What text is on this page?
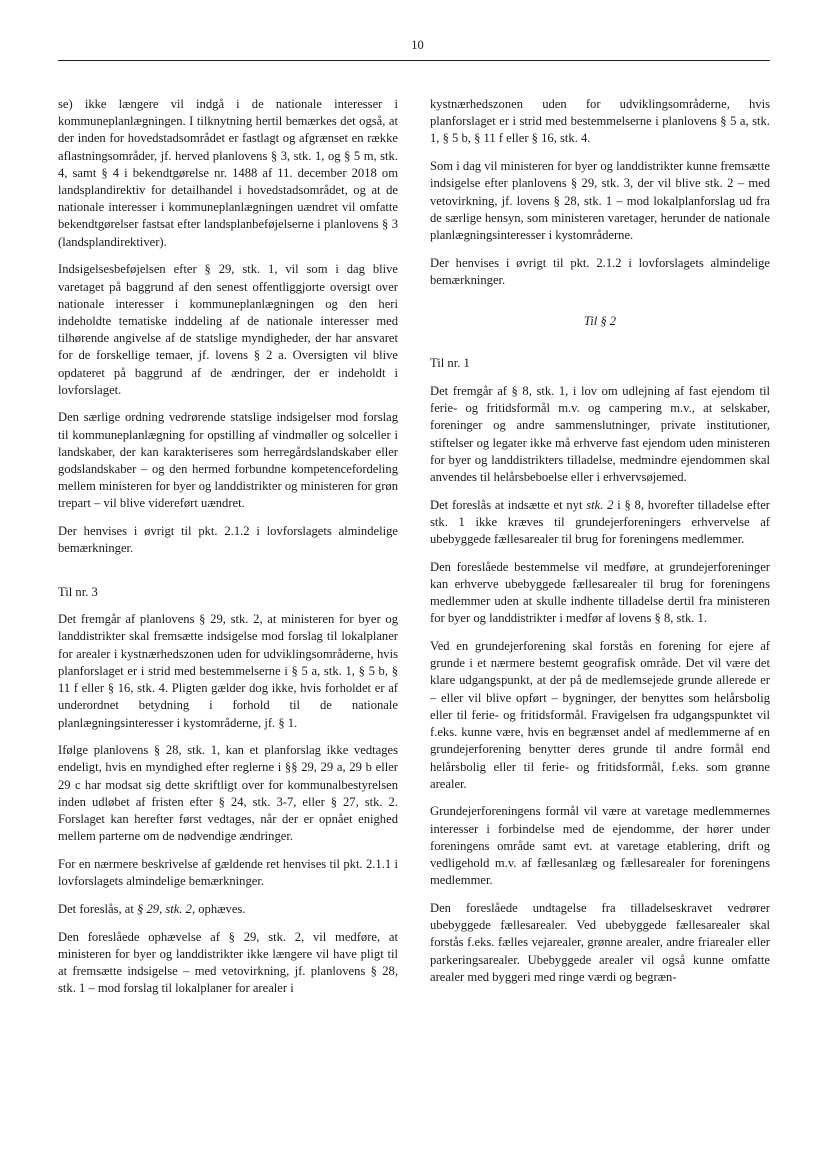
10

se) ikke længere vil indgå i de nationale interesser i kommuneplanlægningen. I tilknytning hertil bemærkes det også, at der inden for hovedstadsområdet er fastlagt og afgrænset en række aflastningsområder, jf. herved planlovens § 3, stk. 1, og § 5 m, stk. 4, samt § 4 i bekendtgørelse nr. 1488 af 11. december 2018 om landsplandirektiv for detailhandel i hovedstadsområdet, og at de nationale interesser i kommuneplanlægningen uændret vil omfatte bekendtgørelser fastsat efter landsplanbeføjelserne i planlovens § 3 (landsplandirektiver).

Indsigelsesbeføjelsen efter § 29, stk. 1, vil som i dag blive varetaget på baggrund af den senest offentliggjorte oversigt over nationale interesser i kommuneplanlægningen og den heri indeholdte tematiske inddeling af de nationale interesser med tilhørende angivelse af de statslige myndigheder, der har ansvaret for de forskellige temaer, jf. lovens § 2 a. Oversigten vil blive opdateret på baggrund af de ændringer, der er indeholdt i lovforslaget.

Den særlige ordning vedrørende statslige indsigelser mod forslag til kommuneplanlægning for opstilling af vindmøller og solceller i landskaber, der kan karakteriseres som herregårdslandskaber eller godslandskaber – og den hermed forbundne kompetencefordeling mellem ministeren for byer og landdistrikter og ministeren for grøn trepart – vil blive videreført uændret.

Der henvises i øvrigt til pkt. 2.1.2 i lovforslagets almindelige bemærkninger.

Til nr. 3

Det fremgår af planlovens § 29, stk. 2, at ministeren for byer og landdistrikter skal fremsætte indsigelse mod forslag til lokalplaner for arealer i kystnærhedszonen uden for udviklingsområderne, hvis planforslaget er i strid med bestemmelserne i § 5 a, stk. 1, § 5 b, § 11 f eller § 16, stk. 4. Pligten gælder dog ikke, hvis forholdet er af underordnet betydning i forhold til de nationale planlægningsinteresser i kystområderne, jf. § 1.

Ifølge planlovens § 28, stk. 1, kan et planforslag ikke vedtages endeligt, hvis en myndighed efter reglerne i §§ 29, 29 a, 29 b eller 29 c har modsat sig dette skriftligt over for kommunalbestyrelsen inden udløbet af fristen efter § 24, stk. 3-7, eller § 27, stk. 2. Forslaget kan herefter først vedtages, når der er opnået enighed mellem parterne om de nødvendige ændringer.

For en nærmere beskrivelse af gældende ret henvises til pkt. 2.1.1 i lovforslagets almindelige bemærkninger.

Det foreslås, at § 29, stk. 2, ophæves.

Den foreslåede ophævelse af § 29, stk. 2, vil medføre, at ministeren for byer og landdistrikter ikke længere vil have pligt til at fremsætte indsigelse – med vetovirkning, jf. planlovens § 28, stk. 1 – mod forslag til lokalplaner for arealer i

kystnærhedszonen uden for udviklingsområderne, hvis planforslaget er i strid med bestemmelserne i planlovens § 5 a, stk. 1, § 5 b, § 11 f eller § 16, stk. 4.

Som i dag vil ministeren for byer og landdistrikter kunne fremsætte indsigelse efter planlovens § 29, stk. 3, der vil blive stk. 2 – med vetovirkning, jf. lovens § 28, stk. 1 – mod lokalplanforslag ud fra de særlige hensyn, som ministeren varetager, herunder de nationale planlægningsinteresser i kystområderne.

Der henvises i øvrigt til pkt. 2.1.2 i lovforslagets almindelige bemærkninger.

Til § 2

Til nr. 1

Det fremgår af § 8, stk. 1, i lov om udlejning af fast ejendom til ferie- og fritidsformål m.v. og campering m.v., at selskaber, foreninger og andre sammenslutninger, private institutioner, stiftelser og legater ikke må erhverve fast ejendom uden ministeren for byer og landdistrikters tilladelse, medmindre ejendommen skal anvendes til helårsbeboelse eller i erhvervsøjemed.

Det foreslås at indsætte et nyt stk. 2 i § 8, hvorefter tilladelse efter stk. 1 ikke kræves til grundejerforeningers erhvervelse af ubebyggede fællesarealer til brug for foreningens medlemmer.

Den foreslåede bestemmelse vil medføre, at grundejerforeninger kan erhverve ubebyggede fællesarealer til brug for foreningens medlemmer uden at skulle indhente tilladelse dertil fra ministeren for byer og landdistrikter i medfør af lovens § 8, stk. 1.

Ved en grundejerforening skal forstås en forening for ejere af grunde i et nærmere bestemt geografisk område. Det vil være det klare udgangspunkt, at der på de medlemsejede grunde allerede er – eller vil blive opført – bygninger, der benyttes som helårsbolig eller til ferie- og fritidsformål. Fravigelsen fra udgangspunktet vil f.eks. kunne være, hvis en begrænset andel af medlemmerne af en grundejerforening benytter deres grunde til andre formål end helårsbolig eller til ferie- og fritidsformål, f.eks. som grønne arealer.

Grundejerforeningens formål vil være at varetage medlemmernes interesser i forbindelse med de ejendomme, der hører under foreningens område samt evt. at varetage etablering, drift og vedligehold m.v. af fællesanlæg og fællesarealer for foreningens medlemmer.

Den foreslåede undtagelse fra tilladelseskravet vedrører ubebyggede fællesarealer. Ved ubebyggede fællesarealer skal forstås f.eks. fælles vejarealer, grønne arealer, andre friarealer eller parkeringsarealer. Ubebyggede arealer vil også kunne omfatte arealer med byggeri med ringe værdi og begræn-
